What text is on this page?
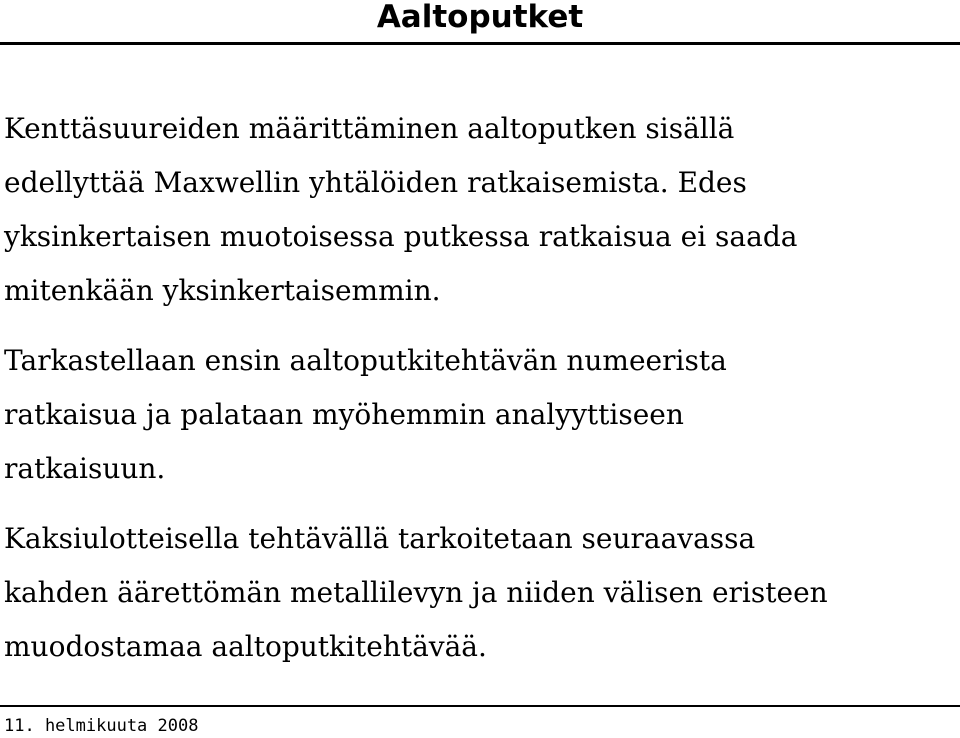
Aaltoputket

Kenttäsuureiden määrittäminen aaltoputken sisällä
edellyttää Maxwellin yhtälöiden ratkaisemista. Edes
yksinkertaisen muotoisessa putkessa ratkaisua ei saada
mitenkään yksinkertaisemmin.

Tarkastellaan ensin aaltoputkitehtävän numeerista
ratkaisua ja palataan myöhemmin analyyttiseen
ratkaisuun.

Kaksiulotteisella tehtävällä tarkoitetaan seuraavassa
kahden äärettömän metallilevyn ja niiden välisen eristeen
muodostamaa aaltoputkitehtävää.

11. helmikuuta 2008
